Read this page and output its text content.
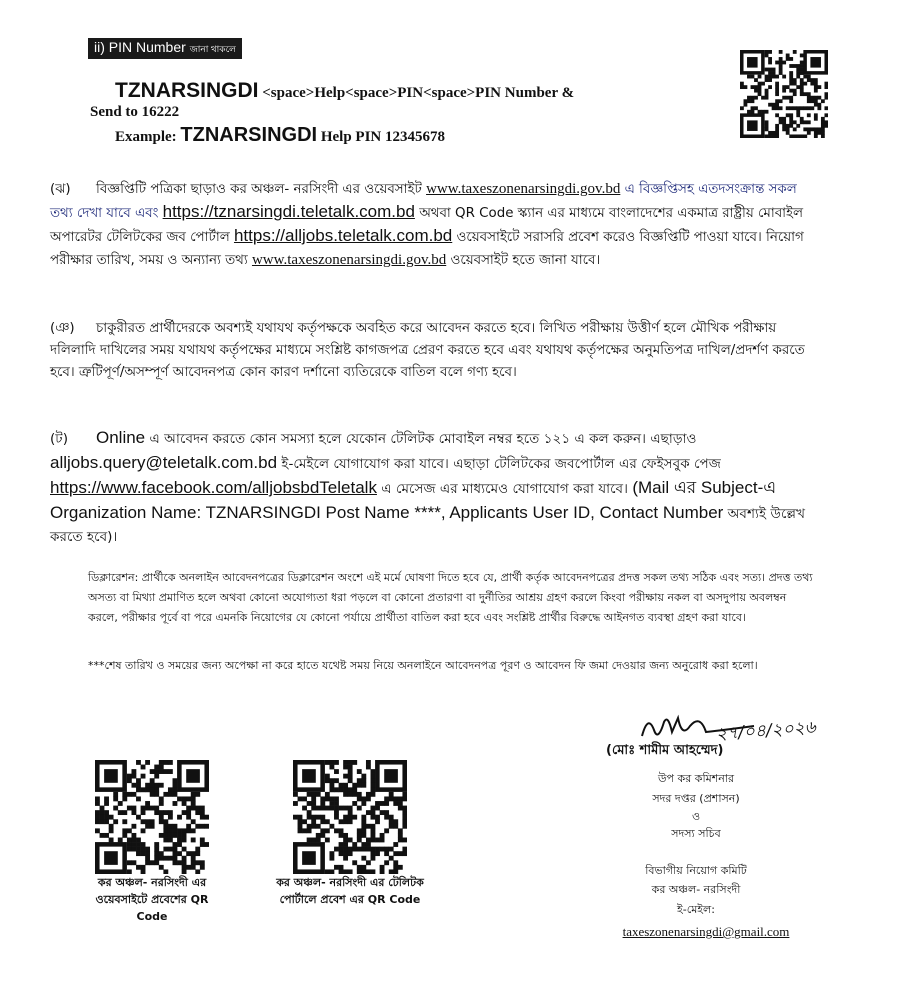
ii) PIN Number জানা থাকলে
TZNARSINGDI <space>Help<space>PIN<space>PIN Number &
Send to 16222
Example: TZNARSINGDI Help PIN 12345678
(ঝ) বিজ্ঞপ্তিটি পত্রিকা ছাড়াও কর অঞ্চল- নরসিংদী এর ওয়েবসাইট www.taxeszonenarsingdi.gov.bd এ বিজ্ঞপ্তিসহ এতদসংক্রান্ত সকল তথ্য দেখা যাবে এবং https://tznarsingdi.teletalk.com.bd অথবা QR Code স্ক্যান এর মাধ্যমে বাংলাদেশের একমাত্র রাষ্ট্রীয় মোবাইল অপারেটর টেলিটকের জব পোর্টাল https://alljobs.teletalk.com.bd ওয়েবসাইটে সরাসরি প্রবেশ করেও বিজ্ঞপ্তিটি পাওয়া যাবে। নিয়োগ পরীক্ষার তারিখ, সময় ও অন্যান্য তথ্য www.taxeszonenarsingdi.gov.bd ওয়েবসাইট হতে জানা যাবে।
(ঞ) চাকুরীরত প্রার্থীদেরকে অবশ্যই যথাযথ কর্তৃপক্ষকে অবহিত করে আবেদন করতে হবে। লিখিত পরীক্ষায় উত্তীর্ণ হলে মৌখিক পরীক্ষায় দলিলাদি দাখিলের সময় যথাযথ কর্তৃপক্ষের মাধ্যমে সংশ্লিষ্ট কাগজপত্র প্রেরণ করতে হবে এবং যথাযথ কর্তৃপক্ষের অনুমতিপত্র দাখিল/প্রদর্শণ করতে হবে। ত্রুটিপূর্ণ/অসম্পূর্ণ আবেদনপত্র কোন কারণ দর্শানো ব্যতিরেকে বাতিল বলে গণ্য হবে।
(ট) Online এ আবেদন করতে কোন সমস্যা হলে যেকোন টেলিটক মোবাইল নম্বর হতে ১২১ এ কল করুন। এছাড়াও alljobs.query@teletalk.com.bd ই-মেইলে যোগাযোগ করা যাবে। এছাড়া টেলিটকের জবপোর্টাল এর ফেইসবুক পেজ https://www.facebook.com/alljobsbdTeletalk এ মেসেজ এর মাধ্যমেও যোগাযোগ করা যাবে। (Mail এর Subject-এ Organization Name: TZNARSINGDI Post Name ****, Applicants User ID, Contact Number অবশ্যই উল্লেখ করতে হবে)।
ডিক্লারেশন: প্রার্থীকে অনলাইন আবেদনপত্রের ডিক্লারেশন অংশে এই মর্মে ঘোষণা দিতে হবে যে, প্রার্থী কর্তৃক আবেদনপত্রের প্রদত্ত সকল তথ্য সঠিক এবং সত্য। প্রদত্ত তথ্য অসত্য বা মিথ্যা প্রমাণিত হলে অথবা কোনো অযোগ্যতা ধরা পড়লে বা কোনো প্রতারণা বা দুর্নীতির আশ্রয় গ্রহণ করলে কিংবা পরীক্ষায় নকল বা অসদুপায় অবলম্বন করলে, পরীক্ষার পূর্বে বা পরে এমনকি নিয়োগের যে কোনো পর্যায়ে প্রার্থীতা বাতিল করা হবে এবং সংশ্লিষ্ট প্রার্থীর বিরুদ্ধে আইনগত ব্যবস্থা গ্রহণ করা যাবে।
***শেষ তারিখ ও সময়ের জন্য অপেক্ষা না করে হাতে যথেষ্ট সময় নিয়ে অনলাইনে আবেদনপত্র পূরণ ও আবেদন ফি জমা দেওয়ার জন্য অনুরোধ করা হলো।
২৭/০৪/২০২৬
(মোঃ শামীম আহম্মেদ)
উপ কর কমিশনার
সদর দপ্তর (প্রশাসন)
ও
সদস্য সচিব
বিভাগীয় নিয়োগ কমিটি
কর অঞ্চল- নরসিংদী
ই-মেইল:
taxeszonenarsingdi@gmail.com
কর অঞ্চল- নরসিংদী এর
ওয়েবসাইটে প্রবেশের QR
Code
কর অঞ্চল- নরসিংদী এর টেলিটক
পোর্টালে প্রবেশ এর QR Code
